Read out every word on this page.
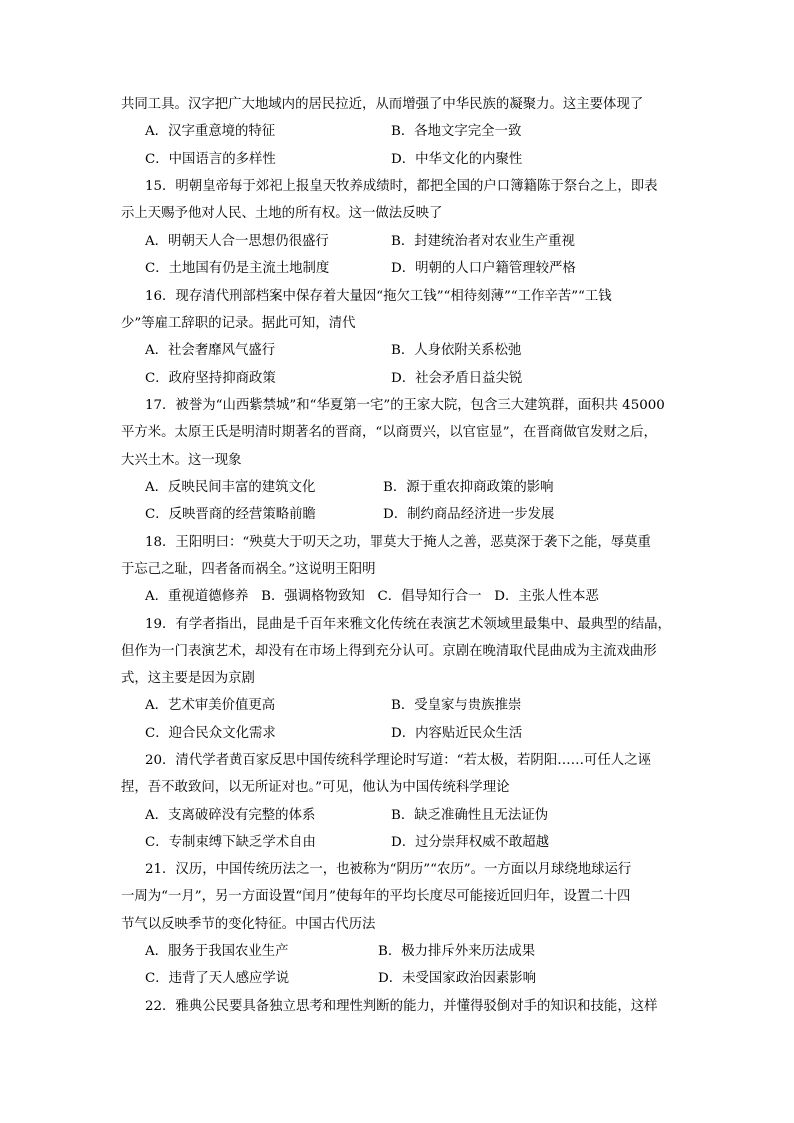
共同工具。汉字把广大地域内的居民拉近，从而增强了中华民族的凝聚力。这主要体现了
A．汉字重意境的特征	B．各地文字完全一致
C．中国语言的多样性	D．中华文化的内聚性
15．明朝皇帝每于郊祀上报皇天牧养成绩时，都把全国的户口簿籍陈于祭台之上，即表
示上天赐予他对人民、土地的所有权。这一做法反映了
A．明朝天人合一思想仍很盛行	B．封建统治者对农业生产重视
C．土地国有仍是主流土地制度	D．明朝的人口户籍管理较严格
16．现存清代刑部档案中保存着大量因“拖欠工钱”“相待刻薄”“工作辛苦”“工钱
少”等雇工辞职的记录。据此可知，清代
A．社会奢靡风气盛行	B．人身依附关系松弛
C．政府坚持抑商政策	D．社会矛盾日益尖锐
17．被誉为“山西紫禁城”和“华夏第一宅”的王家大院，包含三大建筑群，面积共 45000
平方米。太原王氏是明清时期著名的晋商，“以商贾兴，以官宦显”，在晋商做官发财之后，
大兴土木。这一现象
A．反映民间丰富的建筑文化	B．源于重农抑商政策的影响
C．反映晋商的经营策略前瞻	D．制约商品经济进一步发展
18．王阳明曰：“殃莫大于叨天之功，罪莫大于掩人之善，恶莫深于袭下之能，辱莫重
于忘己之耻，四者备而祸全。”这说明王阳明
A．重视道德修养   B．强调格物致知   C．倡导知行合一   D．主张人性本恶
19．有学者指出，昆曲是千百年来雅文化传统在表演艺术领域里最集中、最典型的结晶，
但作为一门表演艺术，却没有在市场上得到充分认可。京剧在晚清取代昆曲成为主流戏曲形
式，这主要是因为京剧
A．艺术审美价值更高	B．受皇家与贵族推崇
C．迎合民众文化需求	D．内容贴近民众生活
20．清代学者黄百家反思中国传统科学理论时写道：“若太极，若阴阳……可任人之诬
捏，吾不敢致问，以无所证对也。”可见，他认为中国传统科学理论
A．支离破碎没有完整的体系	B．缺乏准确性且无法证伪
C．专制束缚下缺乏学术自由	D．过分崇拜权威不敢超越
21．汉历，中国传统历法之一，也被称为“阴历”“农历”。一方面以月球绕地球运行
一周为“一月”，另一方面设置“闰月”使每年的平均长度尽可能接近回归年，设置二十四
节气以反映季节的变化特征。中国古代历法
A．服务于我国农业生产	B．极力排斥外来历法成果
C．违背了天人感应学说	D．未受国家政治因素影响
22．雅典公民要具备独立思考和理性判断的能力，并懂得驳倒对手的知识和技能，这样
